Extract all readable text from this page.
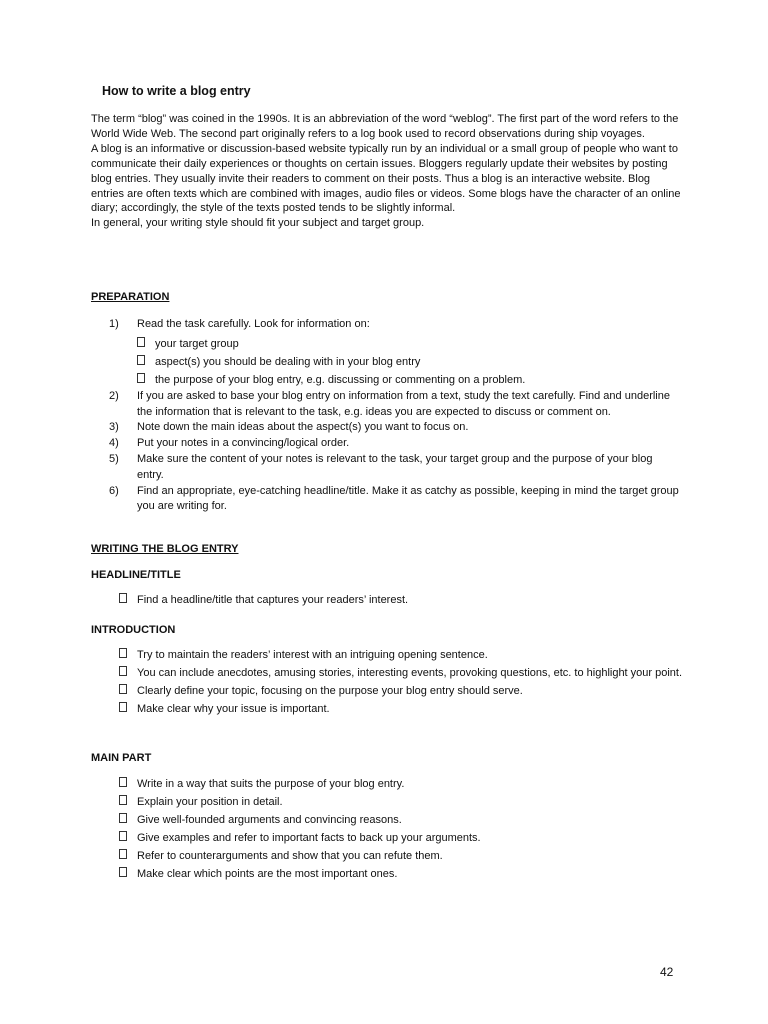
How to write a blog entry

The term “blog” was coined in the 1990s. It is an abbreviation of the word “weblog”. The first part of the word refers to the World Wide Web. The second part originally refers to a log book used to record observations during ship voyages.

A blog is an informative or discussion-based website typically run by an individual or a small group of people who want to communicate their daily experiences or thoughts on certain issues. Bloggers regularly update their websites by posting blog entries. They usually invite their readers to comment on their posts. Thus a blog is an interactive website. Blog entries are often texts which are combined with images, audio files or videos. Some blogs have the character of an online diary; accordingly, the style of the texts posted tends to be slightly informal.

In general, your writing style should fit your subject and target group.

PREPARATION
1) Read the task carefully. Look for information on:
your target group
aspect(s) you should be dealing with in your blog entry
the purpose of your blog entry, e.g. discussing or commenting on a problem.
2) If you are asked to base your blog entry on information from a text, study the text carefully. Find and underline the information that is relevant to the task, e.g. ideas you are expected to discuss or comment on.
3) Note down the main ideas about the aspect(s) you want to focus on.
4) Put your notes in a convincing/logical order.
5) Make sure the content of your notes is relevant to the task, your target group and the purpose of your blog entry.
6) Find an appropriate, eye-catching headline/title. Make it as catchy as possible, keeping in mind the target group you are writing for.
WRITING THE BLOG ENTRY
HEADLINE/TITLE
Find a headline/title that captures your readers’ interest.
INTRODUCTION
Try to maintain the readers’ interest with an intriguing opening sentence.
You can include anecdotes, amusing stories, interesting events, provoking questions, etc. to highlight your point.
Clearly define your topic, focusing on the purpose your blog entry should serve.
Make clear why your issue is important.
MAIN PART
Write in a way that suits the purpose of your blog entry.
Explain your position in detail.
Give well-founded arguments and convincing reasons.
Give examples and refer to important facts to back up your arguments.
Refer to counterarguments and show that you can refute them.
Make clear which points are the most important ones.
42
